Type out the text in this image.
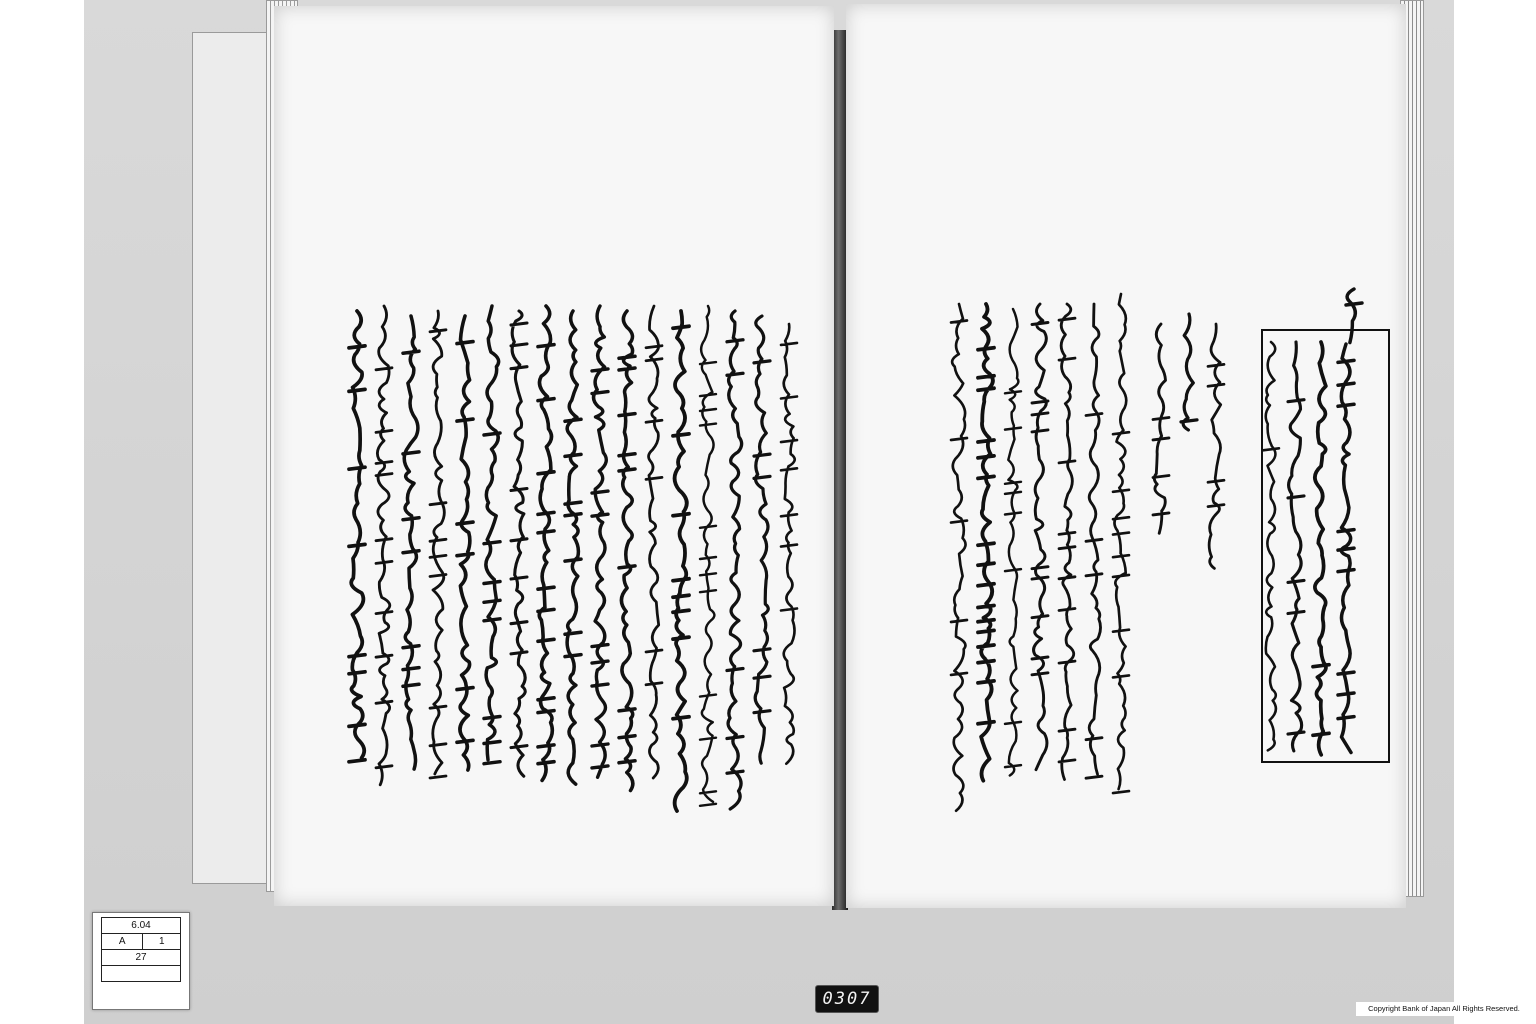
6.04
A	1
27

0307	Copyright Bank of Japan All Rights Reserved.
